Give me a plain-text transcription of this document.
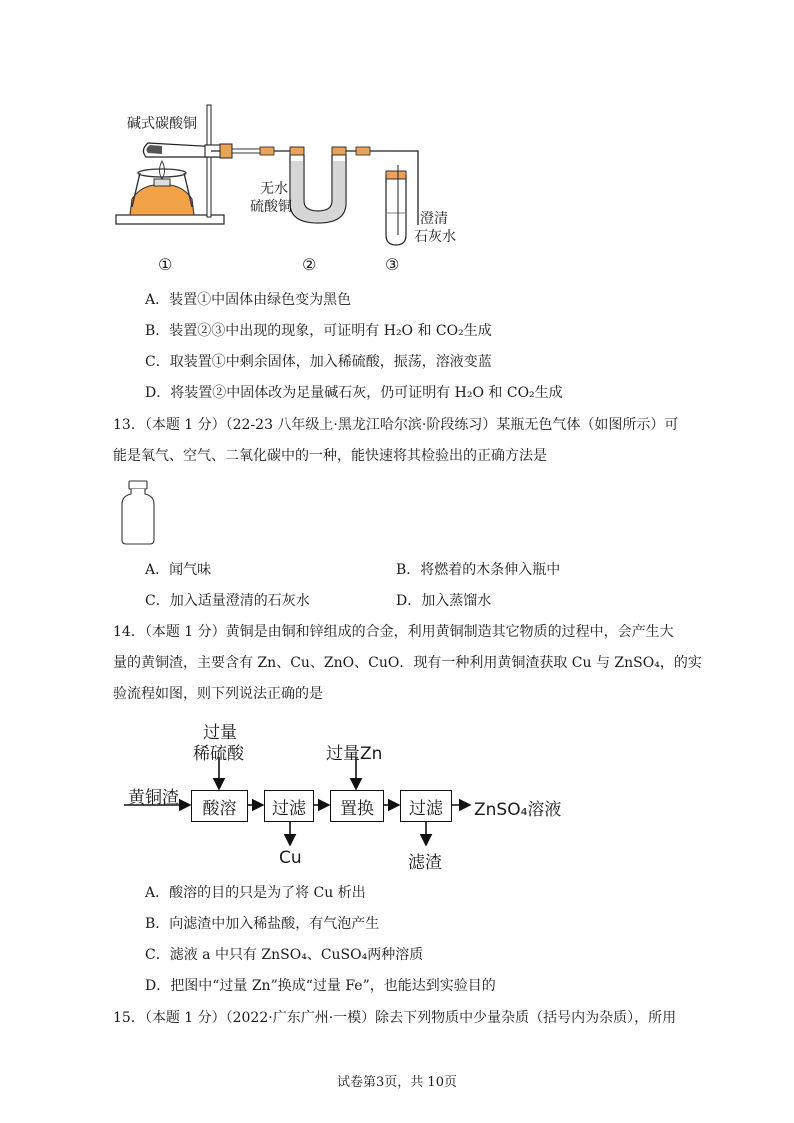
碱式碳酸铜
无水
硫酸铜
澄清
石灰水
①	②	③
A．装置①中固体由绿色变为黑色
B．装置②③中出现的现象，可证明有 H₂O 和 CO₂生成
C．取装置①中剩余固体，加入稀硫酸，振荡，溶液变蓝
D．将装置②中固体改为足量碱石灰，仍可证明有 H₂O 和 CO₂生成
13．（本题 1 分）（22-23 八年级上·黑龙江哈尔滨·阶段练习）某瓶无色气体（如图所示）可
能是氧气、空气、二氧化碳中的一种，能快速将其检验出的正确方法是
A．闻气味	B．将燃着的木条伸入瓶中
C．加入适量澄清的石灰水	D．加入蒸馏水
14．（本题 1 分）黄铜是由铜和锌组成的合金，利用黄铜制造其它物质的过程中，会产生大
量的黄铜渣，主要含有 Zn、Cu、ZnO、CuO．现有一种利用黄铜渣获取 Cu 与 ZnSO₄，的实
验流程如图，则下列说法正确的是
过量
稀硫酸	过量Zn
黄铜渣
酸溶	过滤	置换	过滤	ZnSO₄溶液
Cu	滤渣
A．酸溶的目的只是为了将 Cu 析出
B．向滤渣中加入稀盐酸，有气泡产生
C．滤液 a 中只有 ZnSO₄、CuSO₄两种溶质
D．把图中“过量 Zn”换成“过量 Fe”，也能达到实验目的
15．（本题 1 分）（2022·广东广州·一模）除去下列物质中少量杂质（括号内为杂质），所用
试卷第3页，共 10页
